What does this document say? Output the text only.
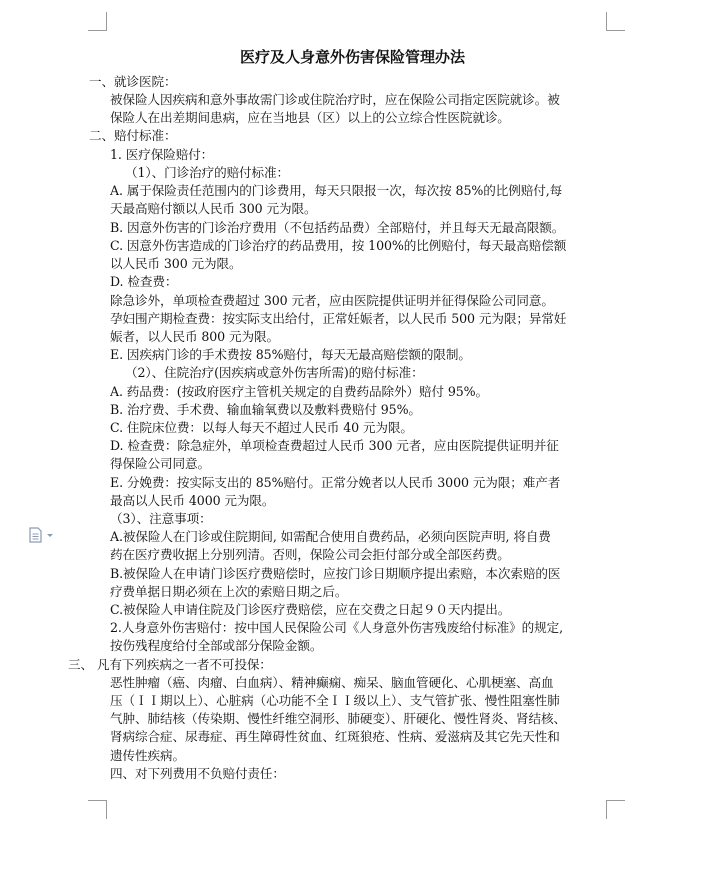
医疗及人身意外伤害保险管理办法
一、就诊医院：
被保险人因疾病和意外事故需门诊或住院治疗时，应在保险公司指定医院就诊。被
保险人在出差期间患病，应在当地县（区）以上的公立综合性医院就诊。
二、赔付标准：
1. 医疗保险赔付：
（1）、门诊治疗的赔付标准：
A. 属于保险责任范围内的门诊费用，每天只限报一次，每次按 85%的比例赔付,每
天最高赔付额以人民币 300 元为限。
B. 因意外伤害的门诊治疗费用（不包括药品费）全部赔付，并且每天无最高限额。
C. 因意外伤害造成的门诊治疗的药品费用，按 100%的比例赔付，每天最高赔偿额
以人民币 300 元为限。
D. 检查费：
除急诊外，单项检查费超过 300 元者，应由医院提供证明并征得保险公司同意。
孕妇围产期检查费：按实际支出给付，正常妊娠者，以人民币 500 元为限；异常妊
娠者，以人民币 800 元为限。
E. 因疾病门诊的手术费按 85%赔付，每天无最高赔偿额的限制。
（2）、住院治疗(因疾病或意外伤害所需)的赔付标准：
A. 药品费：(按政府医疗主管机关规定的自费药品除外）赔付 95%。
B. 治疗费、手术费、输血输氧费以及敷料费赔付 95%。
C. 住院床位费：以每人每天不超过人民币 40 元为限。
D. 检查费：除急症外，单项检查费超过人民币 300 元者，应由医院提供证明并征
得保险公司同意。
E. 分娩费：按实际支出的 85%赔付。正常分娩者以人民币 3000 元为限；难产者
最高以人民币 4000 元为限。
（3）、注意事项：
A.被保险人在门诊或住院期间, 如需配合使用自费药品，必须向医院声明, 将自费
药在医疗费收据上分别列清。否则，保险公司会拒付部分或全部医药费。
B.被保险人在申请门诊医疗费赔偿时，应按门诊日期顺序提出索赔，本次索赔的医
疗费单据日期必须在上次的索赔日期之后。
C.被保险人申请住院及门诊医疗费赔偿，应在交费之日起９０天内提出。
2.人身意外伤害赔付：按中国人民保险公司《人身意外伤害残废给付标准》的规定,
按伤残程度给付全部或部分保险金额。
三、 凡有下列疾病之一者不可投保：
恶性肿瘤（癌、肉瘤、白血病）、精神癫痫、痴呆、脑血管硬化、心肌梗塞、高血
压（ＩＩ期以上）、心脏病（心功能不全ＩＩ级以上）、支气管扩张、慢性阻塞性肺
气肿、肺结核（传染期、慢性纤维空洞形、肺硬变）、肝硬化、慢性肾炎、肾结核、
肾病综合症、尿毒症、再生障碍性贫血、红斑狼疮、性病、爱滋病及其它先天性和
遗传性疾病。
四、对下列费用不负赔付责任：
